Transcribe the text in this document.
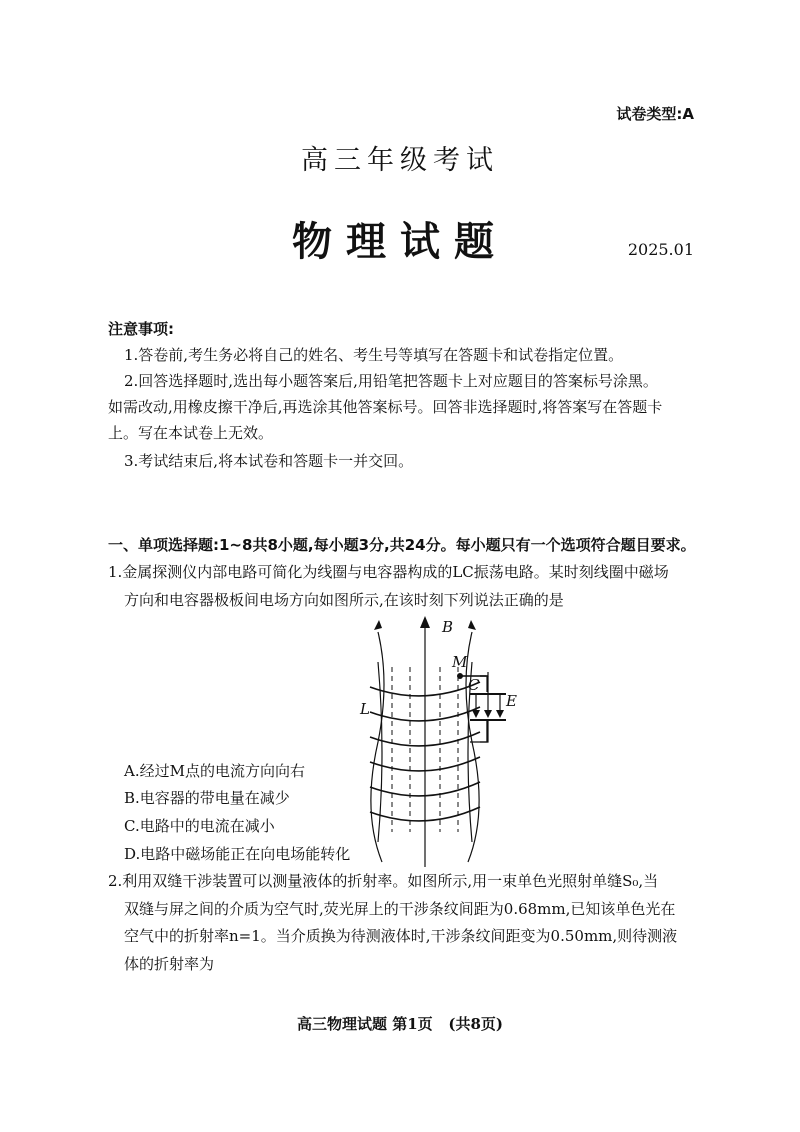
试卷类型:A
高三年级考试
物理试题	2025.01
注意事项:
1.答卷前,考生务必将自己的姓名、考生号等填写在答题卡和试卷指定位置。
2.回答选择题时,选出每小题答案后,用铅笔把答题卡上对应题目的答案标号涂黑。
如需改动,用橡皮擦干净后,再选涂其他答案标号。回答非选择题时,将答案写在答题卡
上。写在本试卷上无效。
3.考试结束后,将本试卷和答题卡一并交回。
一、单项选择题:1~8共8小题,每小题3分,共24分。每小题只有一个选项符合题目要求。
1.金属探测仪内部电路可简化为线圈与电容器构成的LC振荡电路。某时刻线圈中磁场
方向和电容器极板间电场方向如图所示,在该时刻下列说法正确的是
B
L
M
C
E
A.经过M点的电流方向向右
B.电容器的带电量在减少
C.电路中的电流在减小
D.电路中磁场能正在向电场能转化
2.利用双缝干涉装置可以测量液体的折射率。如图所示,用一束单色光照射单缝S₀,当
双缝与屏之间的介质为空气时,荧光屏上的干涉条纹间距为0.68mm,已知该单色光在
空气中的折射率n=1。当介质换为待测液体时,干涉条纹间距变为0.50mm,则待测液
体的折射率为
高三物理试题 第1页   (共8页)
